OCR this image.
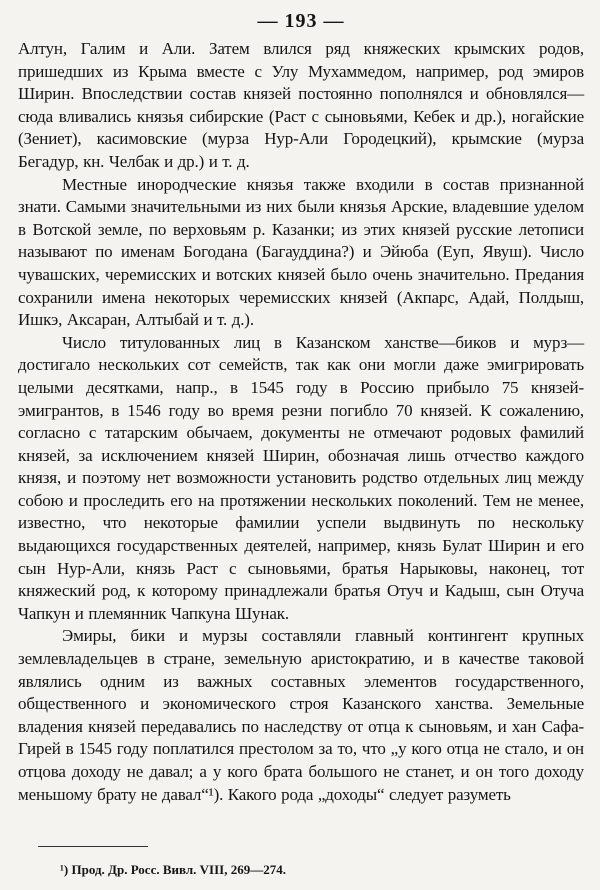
— 193 —

Алтун, Галим и Али. Затем влился ряд княжеских крымских родов, пришедших из Крыма вместе с Улу Мухаммедом, например, род эмиров Ширин. Впоследствии состав князей постоянно пополнялся и обновлялся—сюда вливались князья сибирские (Раст с сыновьями, Кебек и др.), ногайские (Зениет), касимовские (мурза Нур-Али Городецкий), крымские (мурза Бегадур, кн. Челбак и др.) и т. д.

Местные инородческие князья также входили в состав признанной знати. Самыми значительными из них были князья Арские, владевшие уделом в Вотской земле, по верховьям р. Казанки; из этих князей русские летописи называют по именам Богодана (Багауддина?) и Эйюба (Еуп, Явуш). Число чувашских, черемисских и вотских князей было очень значительно. Предания сохранили имена некоторых черемисских князей (Акпарс, Адай, Полдыш, Ишкэ, Аксаран, Алтыбай и т. д.).

Число титулованных лиц в Казанском ханстве—биков и мурз—достигало нескольких сот семейств, так как они могли даже эмигрировать целыми десятками, напр., в 1545 году в Россию прибыло 75 князей-эмигрантов, в 1546 году во время резни погибло 70 князей. К сожалению, согласно с татарским обычаем, документы не отмечают родовых фамилий князей, за исключением князей Ширин, обозначая лишь отчество каждого князя, и поэтому нет возможности установить родство отдельных лиц между собою и проследить его на протяжении нескольких поколений. Тем не менее, известно, что некоторые фамилии успели выдвинуть по нескольку выдающихся государственных деятелей, например, князь Булат Ширин и его сын Нур-Али, князь Раст с сыновьями, братья Нарыковы, наконец, тот княжеский род, к которому принадлежали братья Отуч и Кадыш, сын Отуча Чапкун и племянник Чапкуна Шунак.

Эмиры, бики и мурзы составляли главный контингент крупных землевладельцев в стране, земельную аристократию, и в качестве таковой являлись одним из важных составных элементов государственного, общественного и экономического строя Казанского ханства. Земельные владения князей передавались по наследству от отца к сыновьям, и хан Сафа-Гирей в 1545 году поплатился престолом за то, что „у кого отца не стало, и он отцова доходу не давал; а у кого брата большого не станет, и он того доходу меньшому брату не давал“¹). Какого рода „доходы“ следует разуметь

¹) Прод. Др. Росс. Вивл. VIII, 269—274.
